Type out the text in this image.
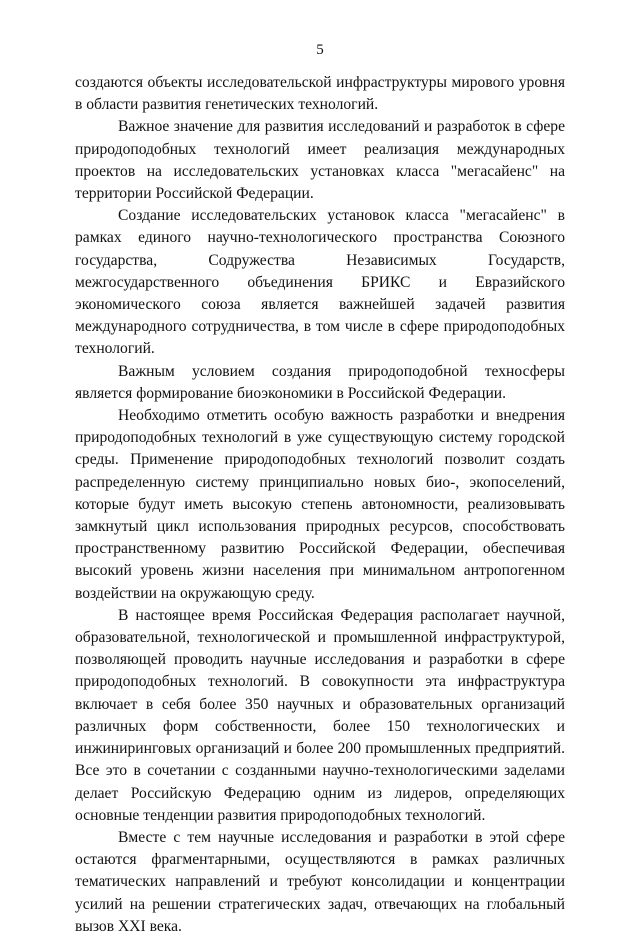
5

создаются объекты исследовательской инфраструктуры мирового уровня в области развития генетических технологий.

Важное значение для развития исследований и разработок в сфере природоподобных технологий имеет реализация международных проектов на исследовательских установках класса "мегасайенс" на территории Российской Федерации.

Создание исследовательских установок класса "мегасайенс" в рамках единого научно-технологического пространства Союзного государства, Содружества Независимых Государств, межгосударственного объединения БРИКС и Евразийского экономического союза является важнейшей задачей развития международного сотрудничества, в том числе в сфере природоподобных технологий.

Важным условием создания природоподобной техносферы является формирование биоэкономики в Российской Федерации.

Необходимо отметить особую важность разработки и внедрения природоподобных технологий в уже существующую систему городской среды. Применение природоподобных технологий позволит создать распределенную систему принципиально новых био-, экопоселений, которые будут иметь высокую степень автономности, реализовывать замкнутый цикл использования природных ресурсов, способствовать пространственному развитию Российской Федерации, обеспечивая высокий уровень жизни населения при минимальном антропогенном воздействии на окружающую среду.

В настоящее время Российская Федерация располагает научной, образовательной, технологической и промышленной инфраструктурой, позволяющей проводить научные исследования и разработки в сфере природоподобных технологий. В совокупности эта инфраструктура включает в себя более 350 научных и образовательных организаций различных форм собственности, более 150 технологических и инжиниринговых организаций и более 200 промышленных предприятий. Все это в сочетании с созданными научно-технологическими заделами делает Российскую Федерацию одним из лидеров, определяющих основные тенденции развития природоподобных технологий.

Вместе с тем научные исследования и разработки в этой сфере остаются фрагментарными, осуществляются в рамках различных тематических направлений и требуют консолидации и концентрации усилий на решении стратегических задач, отвечающих на глобальный вызов XXI века.
